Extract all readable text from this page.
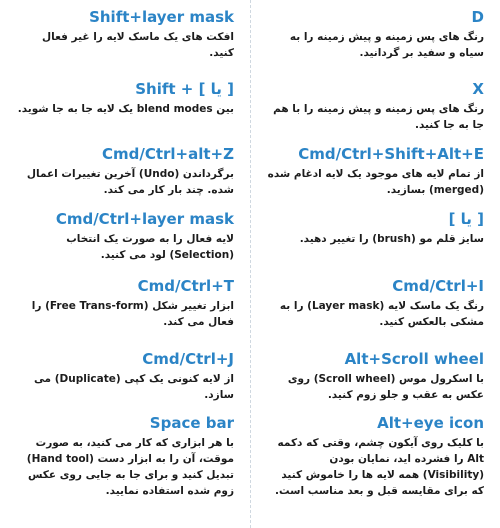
Shift+layer mask
افکت های یک ماسک لایه را غیر فعال کنید.
D
رنگ های پس زمینه و پیش زمینه را به سیاه و سفید بر گردانید.
Shift + [ یا ]
بین blend modes یک لایه جا به جا شوید.
X
رنگ های پس زمینه و پیش زمینه را با هم جا به جا کنید.
Cmd/Ctrl+alt+Z
برگرداندن (Undo) آخرین تغییرات اعمال شده. چند بار کار می کند.
Cmd/Ctrl+Shift+Alt+E
از تمام لایه های موجود یک لایه ادغام شده (merged) بسازید.
Cmd/Ctrl+layer mask
لایه فعال را به صورت یک انتخاب (Selection) لود می کنید.
[ یا ]
سایز قلم مو (brush) را تغییر دهید.
Cmd/Ctrl+T
ابزار تغییر شکل (Free Trans-form) را فعال می کند.
Cmd/Ctrl+I
رنگ یک ماسک لایه (Layer mask) را به مشکی بالعکس کنید.
Cmd/Ctrl+J
از لایه کنونی یک کپی (Duplicate) می سازد.
Alt+Scroll wheel
با اسکرول موس (Scroll wheel) روی عکس به عقب و جلو زوم کنید.
Space bar
با هر ابزاری که کار می کنید، به صورت موقت، آن را به ابزار دست (Hand tool) تبدیل کنید و برای جا به جایی روی عکس زوم شده استفاده نمایید.
Alt+eye icon
با کلیک روی آیکون چشم، وقتی که دکمه Alt را فشرده اید، نمایان بودن (Visibility) همه لایه ها را خاموش کنید که برای مقایسه قبل و بعد مناسب است.
